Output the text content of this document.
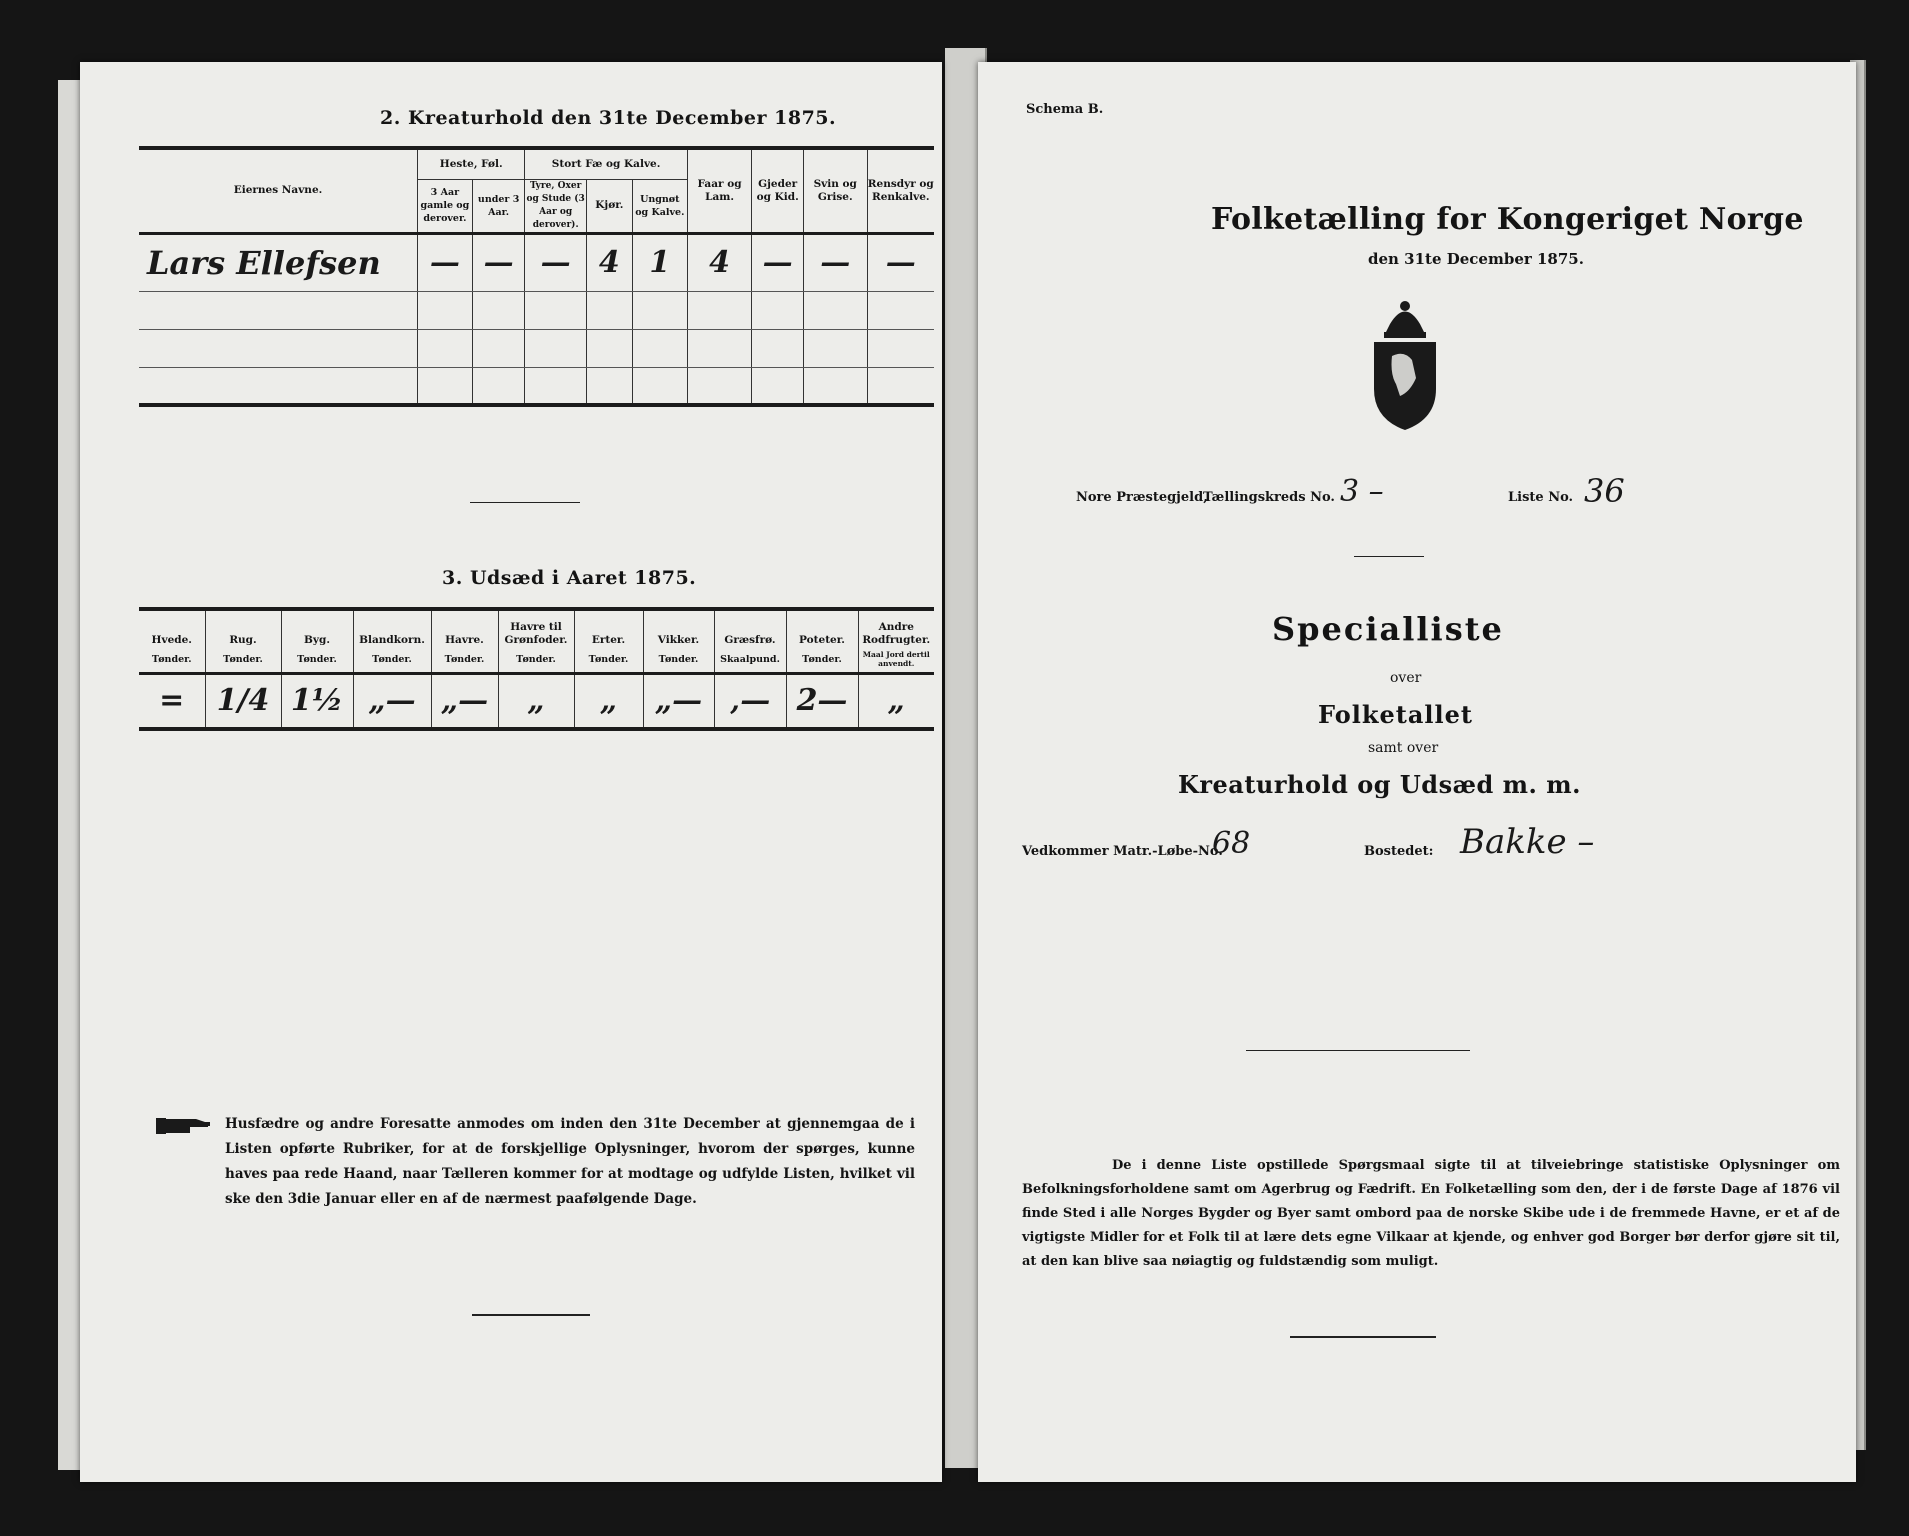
2. Kreaturhold den 31te December 1875.
Eiernes Navne.	Heste, Føl.		Stort Fæ og Kalve.			Faar og Lam.	Gjeder og Kid.	Svin og Grise.	Rensdyr og Renkalve.
	3 Aar gamle og derover.	under 3 Aar.	Tyre, Oxer og Stude (3 Aar og derover).	Kjør.	Ungnøt og Kalve.				
Lars Ellefsen	—	—	—	4	1	4	—	—	—

3. Udsæd i Aaret 1875.
Hvede.	Rug.	Byg.	Blandkorn.	Havre.	Havre til Grønfoder.	Erter.	Vikker.	Græsfrø.	Poteter.	Andre Rodfrugter.
Tønder.	Tønder.	Tønder.	Tønder.	Tønder.	Tønder.	Tønder.	Tønder.	Skaalpund.	Tønder.	Maal Jord dertil anvendt.
=	1/4	1½	„—	„—	„	„	„—	‚—	2—	„
Husfædre og andre Foresatte anmodes om inden den 31te December at gjennemgaa de i Listen opførte Rubriker, for at de forskjellige Oplysninger, hvorom der spørges, kunne haves paa rede Haand, naar Tælleren kommer for at modtage og udfylde Listen, hvilket vil ske den 3die Januar eller en af de nærmest paafølgende Dage.
Schema B.
Folketælling for Kongeriget Norge
den 31te December 1875.
Nore Præstegjeld,
Tællingskreds No. 3 –	Liste No. 36
Specialliste
over
Folketallet
samt over
Kreaturhold og Udsæd m. m.
Vedkommer Matr.-Løbe-No.
68	Bostedet: Bakke –
De i denne Liste opstillede Spørgsmaal sigte til at tilveiebringe statistiske Oplysninger om Befolkningsforholdene samt om Agerbrug og Fædrift. En Folketælling som den, der i de første Dage af 1876 vil finde Sted i alle Norges Bygder og Byer samt ombord paa de norske Skibe ude i de fremmede Havne, er et af de vigtigste Midler for et Folk til at lære dets egne Vilkaar at kjende, og enhver god Borger bør derfor gjøre sit til, at den kan blive saa nøiagtig og fuldstændig som muligt.
